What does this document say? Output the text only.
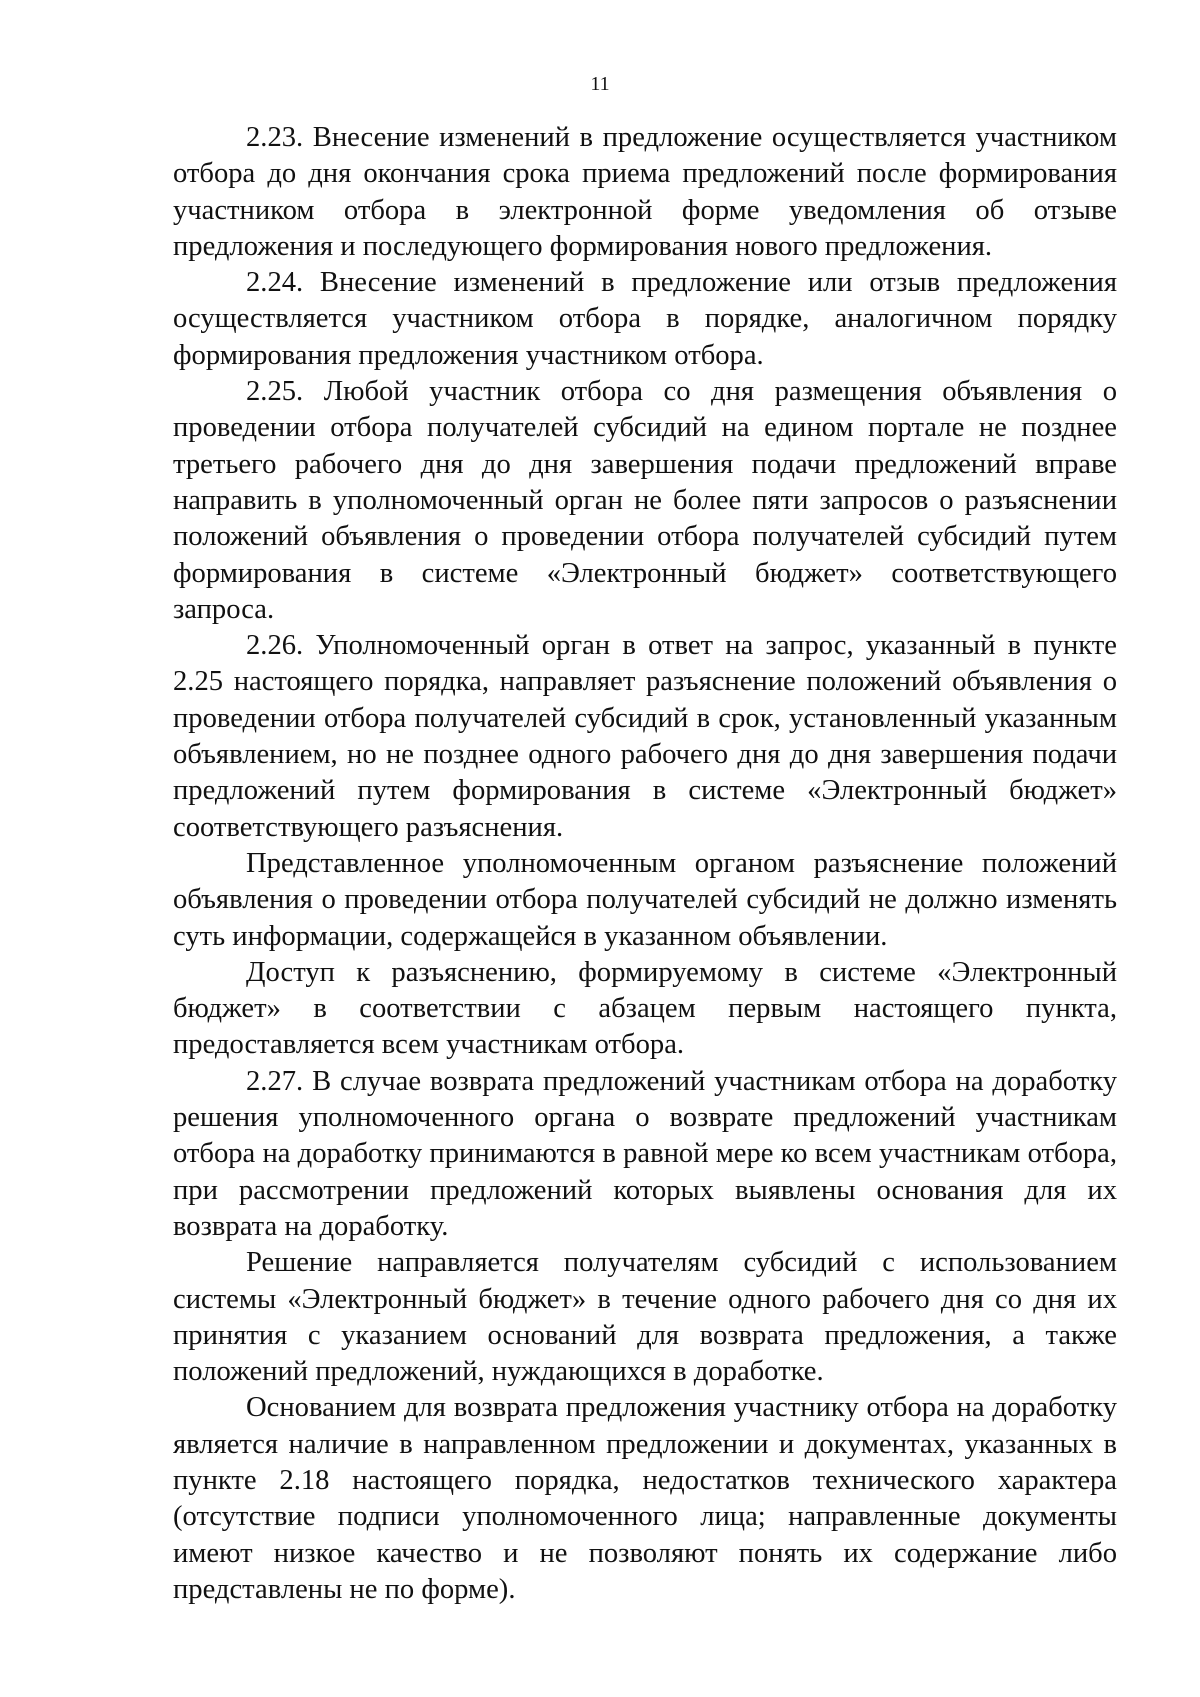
11

2.23. Внесение изменений в предложение осуществляется участником отбора до дня окончания срока приема предложений после формирования участником отбора в электронной форме уведомления об отзыве предложения и последующего формирования нового предложения.

2.24. Внесение изменений в предложение или отзыв предложения осуществляется участником отбора в порядке, аналогичном порядку формирования предложения участником отбора.

2.25. Любой участник отбора со дня размещения объявления о проведении отбора получателей субсидий на едином портале не позднее третьего рабочего дня до дня завершения подачи предложений вправе направить в уполномоченный орган не более пяти запросов о разъяснении положений объявления о проведении отбора получателей субсидий путем формирования в системе «Электронный бюджет» соответствующего запроса.

2.26. Уполномоченный орган в ответ на запрос, указанный в пункте 2.25 настоящего порядка, направляет разъяснение положений объявления о проведении отбора получателей субсидий в срок, установленный указанным объявлением, но не позднее одного рабочего дня до дня завершения подачи предложений путем формирования в системе «Электронный бюджет» соответствующего разъяснения.

Представленное уполномоченным органом разъяснение положений объявления о проведении отбора получателей субсидий не должно изменять суть информации, содержащейся в указанном объявлении.

Доступ к разъяснению, формируемому в системе «Электронный бюджет» в соответствии с абзацем первым настоящего пункта, предоставляется всем участникам отбора.

2.27. В случае возврата предложений участникам отбора на доработку решения уполномоченного органа о возврате предложений участникам отбора на доработку принимаются в равной мере ко всем участникам отбора, при рассмотрении предложений которых выявлены основания для их возврата на доработку.

Решение направляется получателям субсидий с использованием системы «Электронный бюджет» в течение одного рабочего дня со дня их принятия с указанием оснований для возврата предложения, а также положений предложений, нуждающихся в доработке.

Основанием для возврата предложения участнику отбора на доработку является наличие в направленном предложении и документах, указанных в пункте 2.18 настоящего порядка, недостатков технического характера (отсутствие подписи уполномоченного лица; направленные документы имеют низкое качество и не позволяют понять их содержание либо представлены не по форме).
